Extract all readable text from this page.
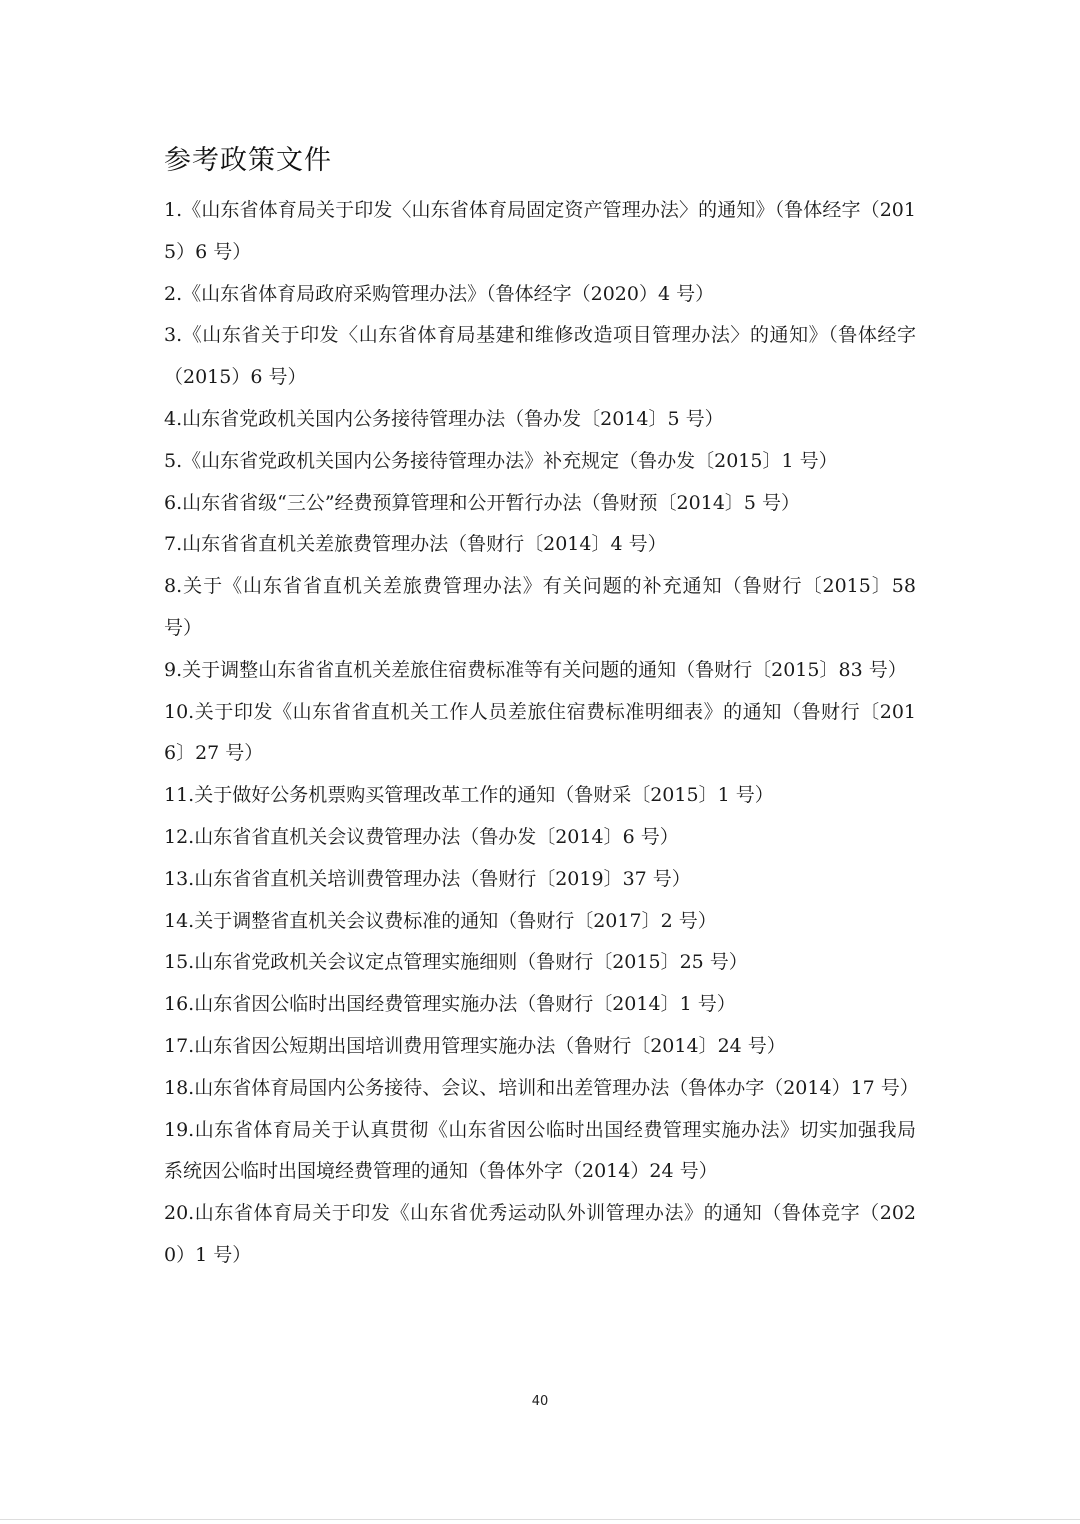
参考政策文件
1.《山东省体育局关于印发〈山东省体育局固定资产管理办法〉的通知》（鲁体经字（2015）6 号）
2.《山东省体育局政府采购管理办法》（鲁体经字（2020）4 号）
3.《山东省关于印发〈山东省体育局基建和维修改造项目管理办法〉的通知》（鲁体经字（2015）6 号）
4.山东省党政机关国内公务接待管理办法（鲁办发〔2014〕5 号）
5.《山东省党政机关国内公务接待管理办法》补充规定（鲁办发〔2015〕1 号）
6.山东省省级“三公”经费预算管理和公开暂行办法（鲁财预〔2014〕5 号）
7.山东省省直机关差旅费管理办法（鲁财行〔2014〕4 号）
8.关于《山东省省直机关差旅费管理办法》有关问题的补充通知（鲁财行〔2015〕58 号）
9.关于调整山东省省直机关差旅住宿费标准等有关问题的通知（鲁财行〔2015〕83 号）
10.关于印发《山东省省直机关工作人员差旅住宿费标准明细表》的通知（鲁财行〔2016〕27 号）
11.关于做好公务机票购买管理改革工作的通知（鲁财采〔2015〕1 号）
12.山东省省直机关会议费管理办法（鲁办发〔2014〕6 号）
13.山东省省直机关培训费管理办法（鲁财行〔2019〕37 号）
14.关于调整省直机关会议费标准的通知（鲁财行〔2017〕2 号）
15.山东省党政机关会议定点管理实施细则（鲁财行〔2015〕25 号）
16.山东省因公临时出国经费管理实施办法（鲁财行〔2014〕1 号）
17.山东省因公短期出国培训费用管理实施办法（鲁财行〔2014〕24 号）
18.山东省体育局国内公务接待、会议、培训和出差管理办法（鲁体办字（2014）17 号）
19.山东省体育局关于认真贯彻《山东省因公临时出国经费管理实施办法》切实加强我局系统因公临时出国境经费管理的通知（鲁体外字（2014）24 号）
20.山东省体育局关于印发《山东省优秀运动队外训管理办法》的通知（鲁体竞字（2020）1 号）
40
